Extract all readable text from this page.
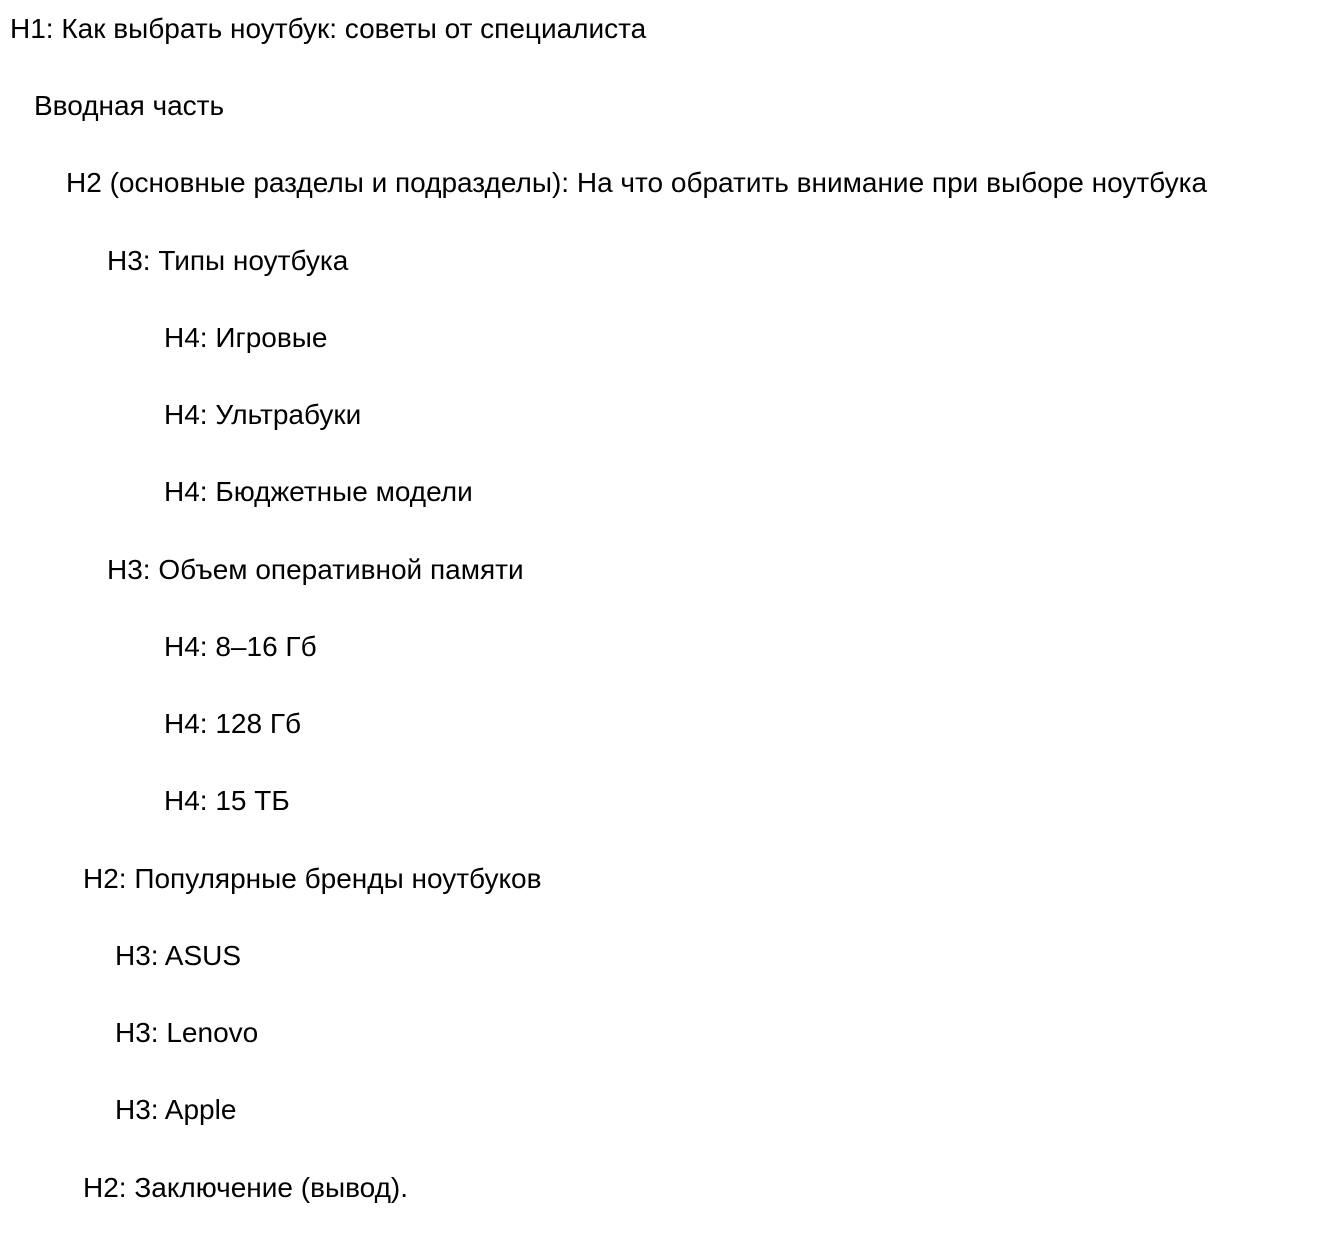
H1: Как выбрать ноутбук: советы от специалиста
Вводная часть
H2 (основные разделы и подразделы): На что обратить внимание при выборе ноутбука
H3: Типы ноутбука
H4: Игровые
H4: Ультрабуки
H4: Бюджетные модели
H3: Объем оперативной памяти
H4: 8–16 Гб
H4: 128 Гб
H4: 15 ТБ
H2: Популярные бренды ноутбуков
H3: ASUS
H3: Lenovo
H3: Apple
H2: Заключение (вывод).
